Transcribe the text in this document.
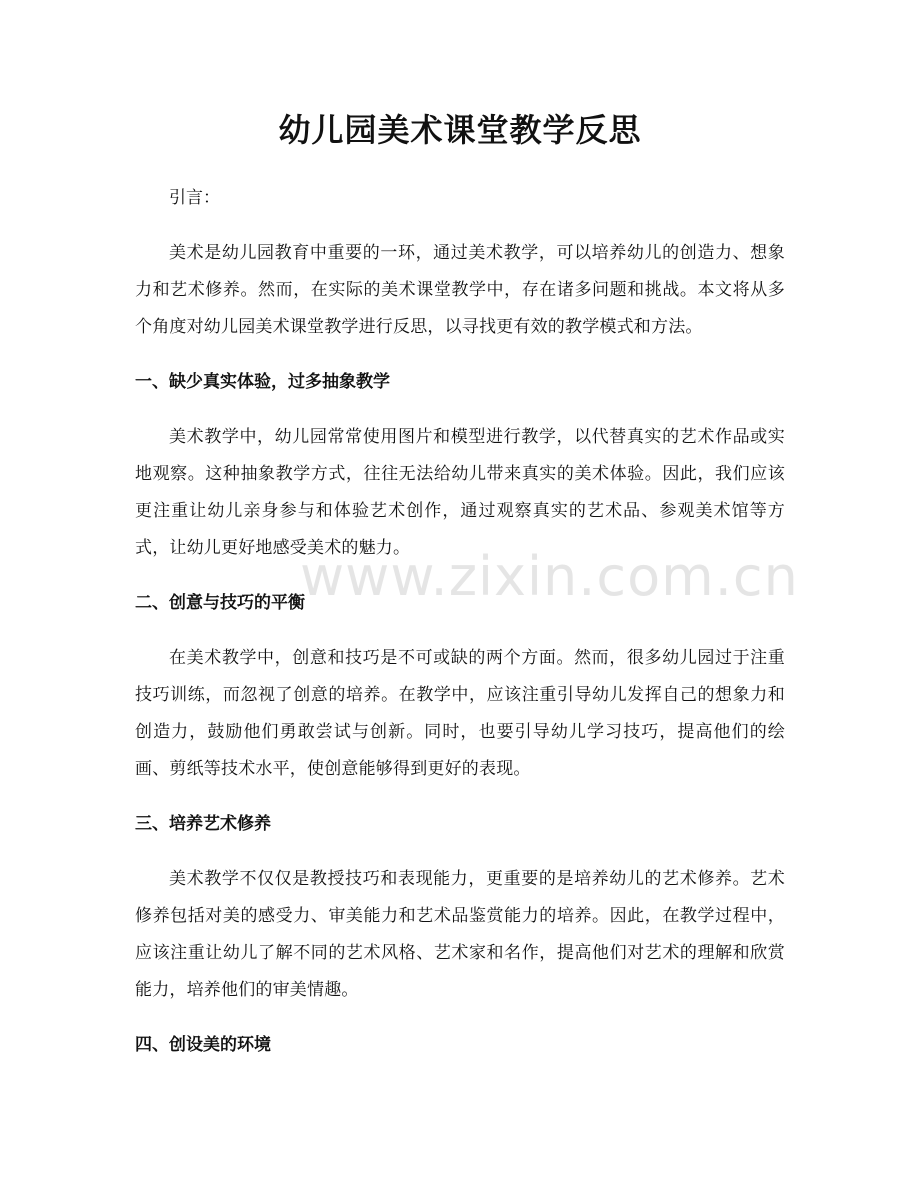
幼儿园美术课堂教学反思

引言：

美术是幼儿园教育中重要的一环，通过美术教学，可以培养幼儿的创造力、想象力和艺术修养。然而，在实际的美术课堂教学中，存在诸多问题和挑战。本文将从多个角度对幼儿园美术课堂教学进行反思，以寻找更有效的教学模式和方法。

一、缺少真实体验，过多抽象教学

美术教学中，幼儿园常常使用图片和模型进行教学，以代替真实的艺术作品或实地观察。这种抽象教学方式，往往无法给幼儿带来真实的美术体验。因此，我们应该更注重让幼儿亲身参与和体验艺术创作，通过观察真实的艺术品、参观美术馆等方式，让幼儿更好地感受美术的魅力。

二、创意与技巧的平衡

在美术教学中，创意和技巧是不可或缺的两个方面。然而，很多幼儿园过于注重技巧训练，而忽视了创意的培养。在教学中，应该注重引导幼儿发挥自己的想象力和创造力，鼓励他们勇敢尝试与创新。同时，也要引导幼儿学习技巧，提高他们的绘画、剪纸等技术水平，使创意能够得到更好的表现。

三、培养艺术修养

美术教学不仅仅是教授技巧和表现能力，更重要的是培养幼儿的艺术修养。艺术修养包括对美的感受力、审美能力和艺术品鉴赏能力的培养。因此，在教学过程中，应该注重让幼儿了解不同的艺术风格、艺术家和名作，提高他们对艺术的理解和欣赏能力，培养他们的审美情趣。

四、创设美的环境
www.zixin.com.cn
